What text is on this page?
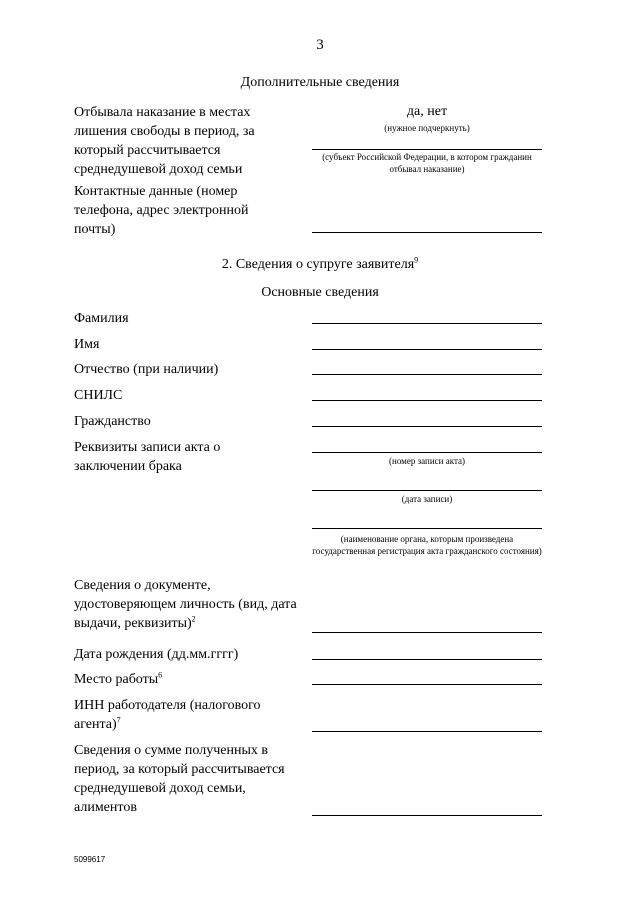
3
Дополнительные сведения
Отбывала наказание в местах лишения свободы в период, за который рассчитывается среднедушевой доход семьи
да, нет
(нужное подчеркнуть)
(субъект Российской Федерации, в котором гражданин отбывал наказание)
Контактные данные (номер телефона, адрес электронной почты)
2. Сведения о супруге заявителя$^9$
Основные сведения
Фамилия
Имя
Отчество (при наличии)
СНИЛС
Гражданство
Реквизиты записи акта о заключении брака	(номер записи акта)
(дата записи)
(наименование органа, которым произведена государственная регистрация акта гражданского состояния)
Сведения о документе, удостоверяющем личность (вид, дата выдачи, реквизиты)$^2$
Дата рождения (дд.мм.гггг)
Место работы$^6$
ИНН работодателя (налогового агента)$^7$
Сведения о сумме полученных в период, за который рассчитывается среднедушевой доход семьи, алиментов
5099617
